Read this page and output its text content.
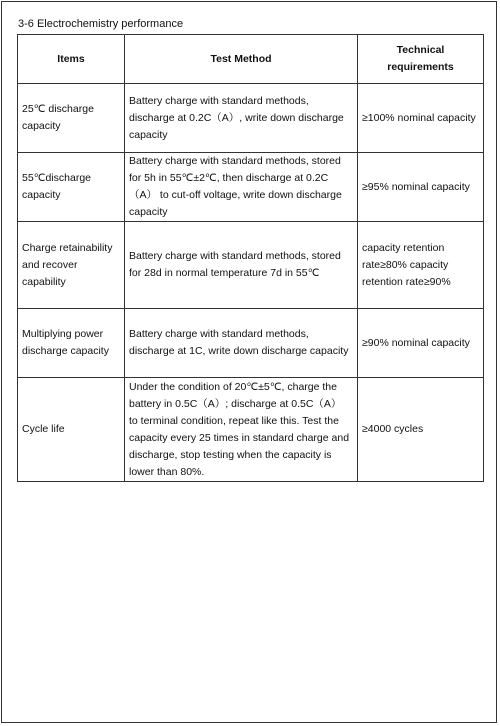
3-6 Electrochemistry performance
Items	Test Method	Technical requirements
25℃ discharge capacity	Battery charge with standard methods, discharge at 0.2C（A）, write down discharge capacity	≥100% nominal capacity
55℃discharge capacity	Battery charge with standard methods, stored for 5h in 55℃±2℃, then discharge at 0.2C（A） to cut-off voltage, write down discharge capacity	≥95% nominal capacity
Charge retainability and recover capability	Battery charge with standard methods, stored for 28d in normal temperature 7d in 55℃	capacity retention rate≥80% capacity retention rate≥90%
Multiplying power discharge capacity	Battery charge with standard methods, discharge at 1C, write down discharge capacity	≥90% nominal capacity
Cycle life	Under the condition of 20℃±5℃, charge the battery in 0.5C（A）; discharge at 0.5C（A） to terminal condition, repeat like this. Test the capacity every 25 times in standard charge and discharge, stop testing when the capacity is lower than 80%.	≥4000 cycles
